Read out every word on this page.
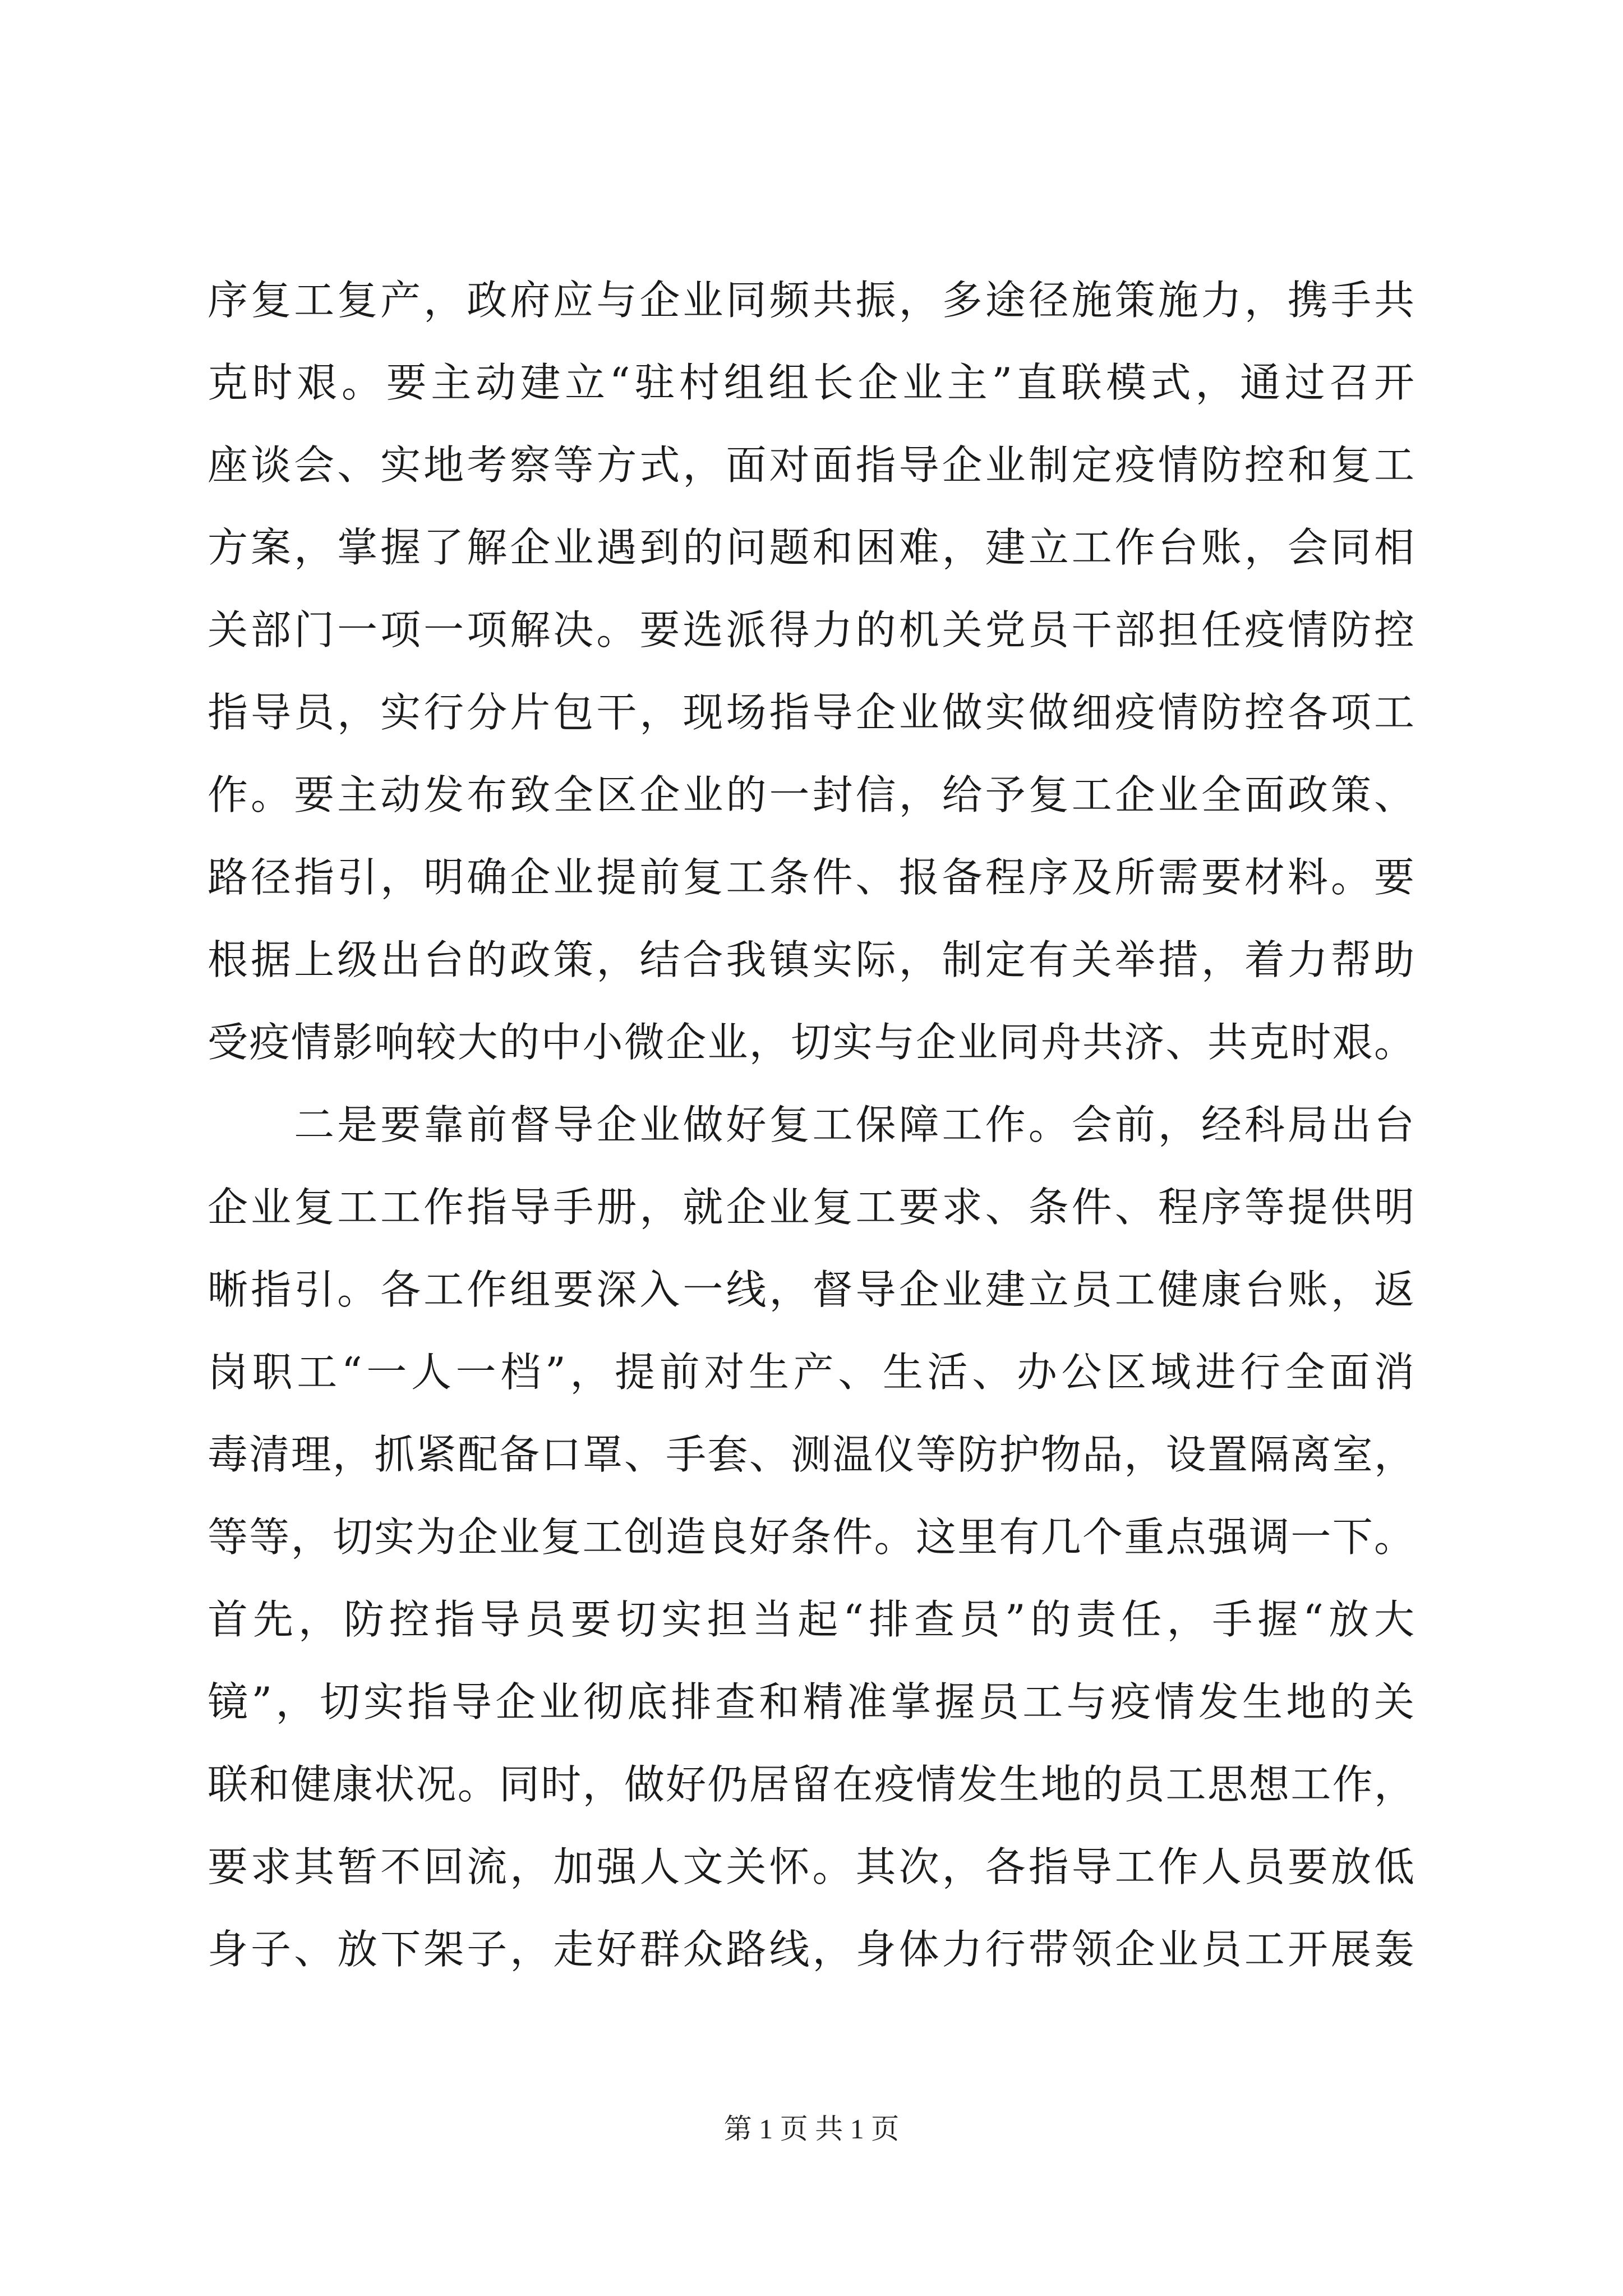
序复工复产，政府应与企业同频共振，多途径施策施力，携手共
克时艰。要主动建立“驻村组组长企业主”直联模式，通过召开
座谈会、实地考察等方式，面对面指导企业制定疫情防控和复工
方案，掌握了解企业遇到的问题和困难，建立工作台账，会同相
关部门一项一项解决。要选派得力的机关党员干部担任疫情防控
指导员，实行分片包干，现场指导企业做实做细疫情防控各项工
作。要主动发布致全区企业的一封信，给予复工企业全面政策、
路径指引，明确企业提前复工条件、报备程序及所需要材料。要
根据上级出台的政策，结合我镇实际，制定有关举措，着力帮助
受疫情影响较大的中小微企业，切实与企业同舟共济、共克时艰。
　　二是要靠前督导企业做好复工保障工作。会前，经科局出台
企业复工工作指导手册，就企业复工要求、条件、程序等提供明
晰指引。各工作组要深入一线，督导企业建立员工健康台账，返
岗职工“一人一档”，提前对生产、生活、办公区域进行全面消
毒清理，抓紧配备口罩、手套、测温仪等防护物品，设置隔离室，
等等，切实为企业复工创造良好条件。这里有几个重点强调一下。
首先，防控指导员要切实担当起“排查员”的责任，手握“放大
镜”，切实指导企业彻底排查和精准掌握员工与疫情发生地的关
联和健康状况。同时，做好仍居留在疫情发生地的员工思想工作，
要求其暂不回流，加强人文关怀。其次，各指导工作人员要放低
身子、放下架子，走好群众路线，身体力行带领企业员工开展轰
第 1 页 共 1 页
